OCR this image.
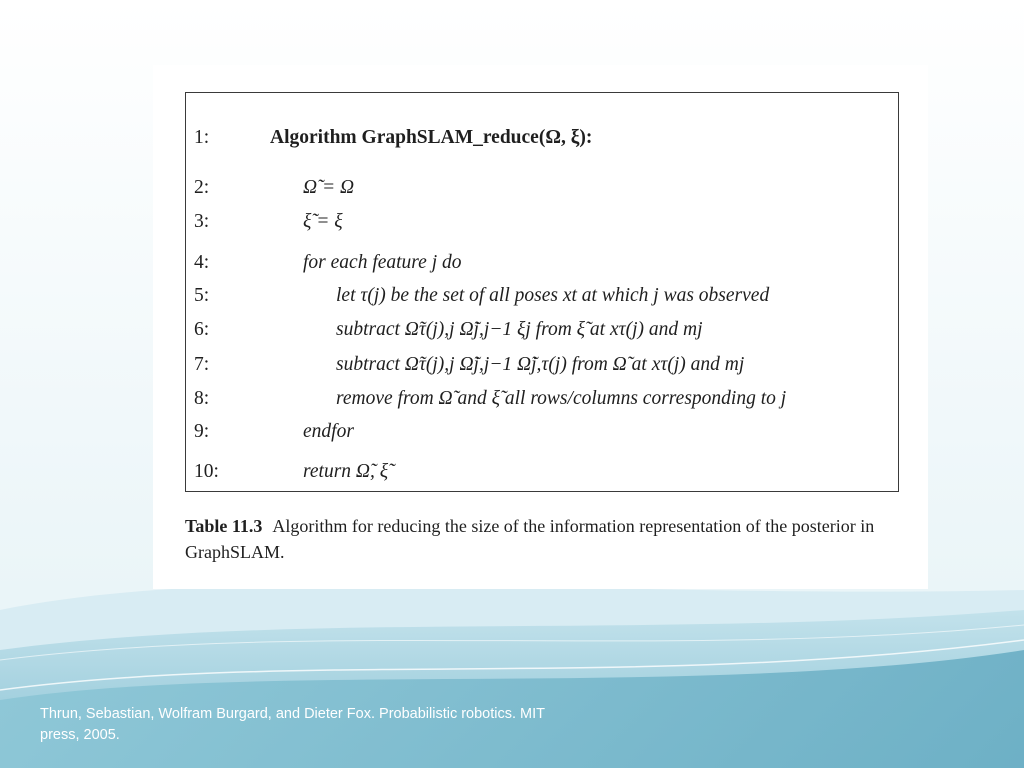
1:	Algorithm GraphSLAM_reduce(Ω, ξ):
2:	Ω̃ = Ω
3:	ξ̃ = ξ
4:	for each feature j do
5:	let τ(j) be the set of all poses xt at which j was observed
6:	subtract Ω̃τ(j),j Ω̃j,j−1 ξj from ξ̃ at xτ(j) and mj
7:	subtract Ω̃τ(j),j Ω̃j,j−1 Ω̃j,τ(j) from Ω̃ at xτ(j) and mj
8:	remove from Ω̃ and ξ̃ all rows/columns corresponding to j
9:	endfor
10:	return Ω̃, ξ̃
Table 11.3 Algorithm for reducing the size of the information representation of the posterior in GraphSLAM.
Thrun, Sebastian, Wolfram Burgard, and Dieter Fox. Probabilistic robotics. MIT press, 2005.
